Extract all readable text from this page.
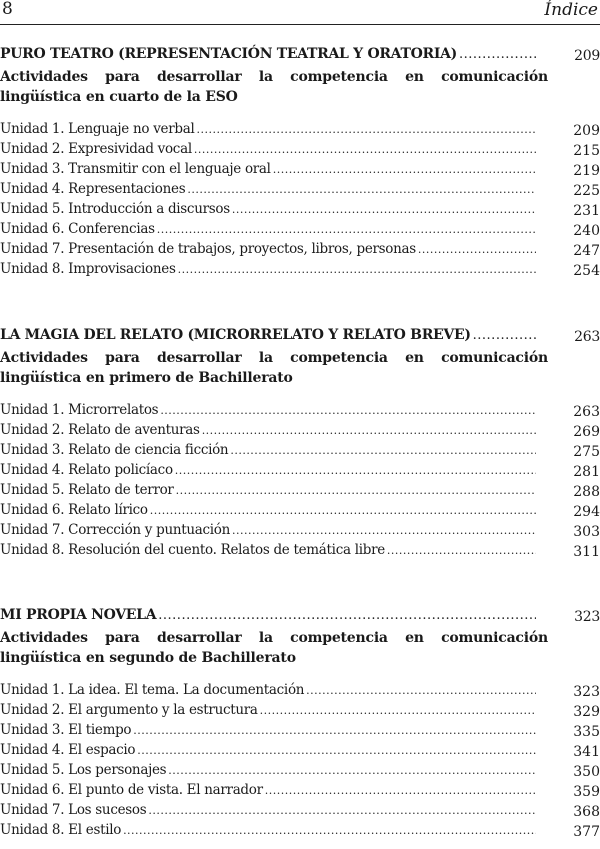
8	Índice
PURO TEATRO (REPRESENTACIÓN TEATRAL Y ORATORIA) .....	209
Actividades para desarrollar la competencia en comunicación lingüística en cuarto de la ESO
Unidad 1. Lenguaje no verbal .....	209
Unidad 2. Expresividad vocal .....	215
Unidad 3. Transmitir con el lenguaje oral .....	219
Unidad 4. Representaciones .....	225
Unidad 5. Introducción a discursos .....	231
Unidad 6. Conferencias .....	240
Unidad 7. Presentación de trabajos, proyectos, libros, personas .....	247
Unidad 8. Improvisaciones .....	254
LA MAGIA DEL RELATO (MICRORRELATO Y RELATO BREVE) .....	263
Actividades para desarrollar la competencia en comunicación lingüística en primero de Bachillerato
Unidad 1. Microrrelatos .....	263
Unidad 2. Relato de aventuras .....	269
Unidad 3. Relato de ciencia ficción .....	275
Unidad 4. Relato policíaco .....	281
Unidad 5. Relato de terror .....	288
Unidad 6. Relato lírico .....	294
Unidad 7. Corrección y puntuación .....	303
Unidad 8. Resolución del cuento. Relatos de temática libre .....	311
MI PROPIA NOVELA .....	323
Actividades para desarrollar la competencia en comunicación lingüística en segundo de Bachillerato
Unidad 1. La idea. El tema. La documentación .....	323
Unidad 2. El argumento y la estructura .....	329
Unidad 3. El tiempo .....	335
Unidad 4. El espacio .....	341
Unidad 5. Los personajes .....	350
Unidad 6. El punto de vista. El narrador .....	359
Unidad 7. Los sucesos .....	368
Unidad 8. El estilo .....	377
